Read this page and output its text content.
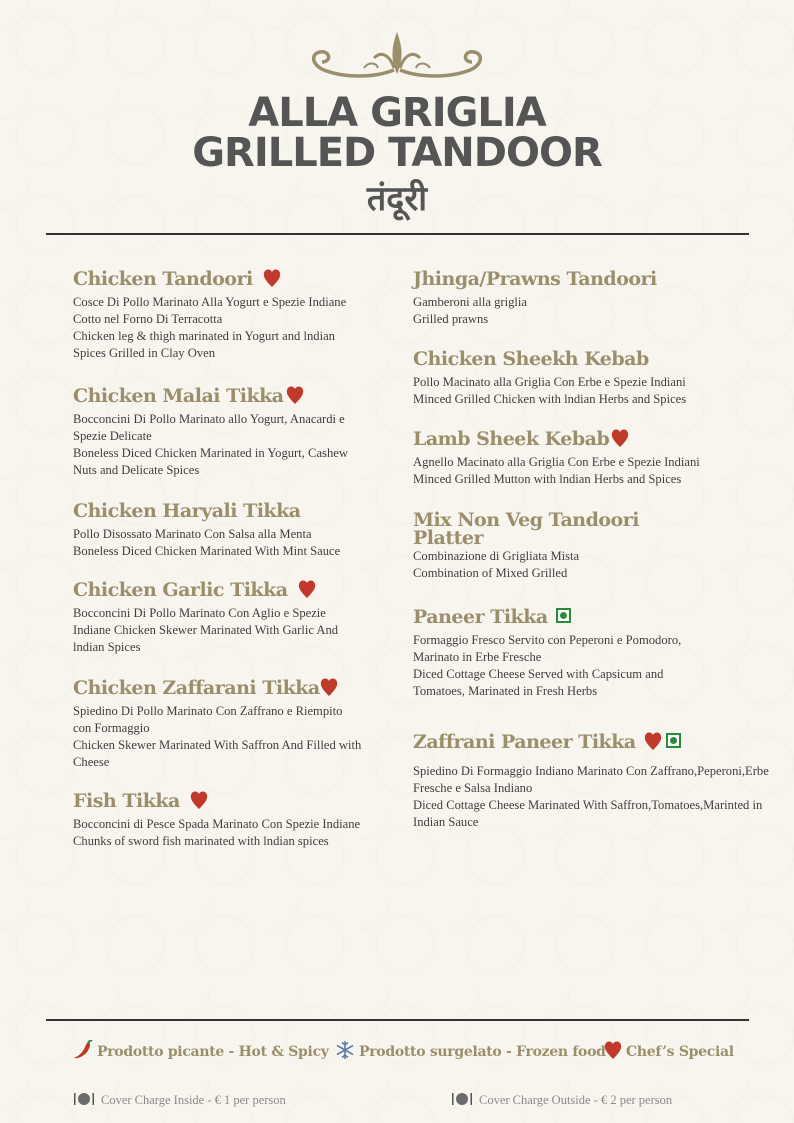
ALLA GRIGLIA
GRILLED TANDOOR
तंदूरी
Chicken Tandoori

Cosce Di Pollo Marinato Alla Yogurt e Spezie Indiane
Cotto nel Forno Di Terracotta
Chicken leg & thigh marinated in Yogurt and lndian
Spices Grilled in Clay Oven

Chicken Malai Tikka

Bocconcini Di Pollo Marinato allo Yogurt, Anacardi e
Spezie Delicate
Boneless Diced Chicken Marinated in Yogurt, Cashew
Nuts and Delicate Spices

Chicken Haryali Tikka

Pollo Disossato Marinato Con Salsa alla Menta
Boneless Diced Chicken Marinated With Mint Sauce

Chicken Garlic Tikka

Bocconcini Di Pollo Marinato Con Aglio e Spezie
Indiane Chicken Skewer Marinated With Garlic And
lndian Spices

Chicken Zaffarani Tikka

Spiedino Di Pollo Marinato Con Zaffrano e Riempito
con Formaggio
Chicken Skewer Marinated With Saffron And Filled with
Cheese

Fish Tikka

Bocconcini di Pesce Spada Marinato Con Spezie Indiane
Chunks of sword fish marinated with lndian spices

Jhinga/Prawns Tandoori

Gamberoni alla griglia
Grilled prawns

Chicken Sheekh Kebab

Pollo Macinato alla Griglia Con Erbe e Spezie Indiani
Minced Grilled Chicken with lndian Herbs and Spices

Lamb Sheek Kebab

Agnello Macinato alla Griglia Con Erbe e Spezie Indiani
Minced Grilled Mutton with lndian Herbs and Spices

Mix Non Veg Tandoori
Platter

Combinazione di Grigliata Mista
Combination of Mixed Grilled

Paneer Tikka

Formaggio Fresco Servito con Peperoni e Pomodoro,
Marinato in Erbe Fresche
Diced Cottage Cheese Served with Capsicum and
Tomatoes, Marinated in Fresh Herbs

Zaffrani Paneer Tikka

Spiedino Di Formaggio Indiano Marinato Con Zaffrano,Peperoni,Erbe
Fresche e Salsa Indiano
Diced Cottage Cheese Marinated With Saffron,Tomatoes,Marinted in
Indian Sauce

Prodotto picante - Hot & Spicy	Prodotto surgelato - Frozen food	Chef’s Special
Cover Charge Inside - € 1 per person	Cover Charge Outside - € 2 per person
